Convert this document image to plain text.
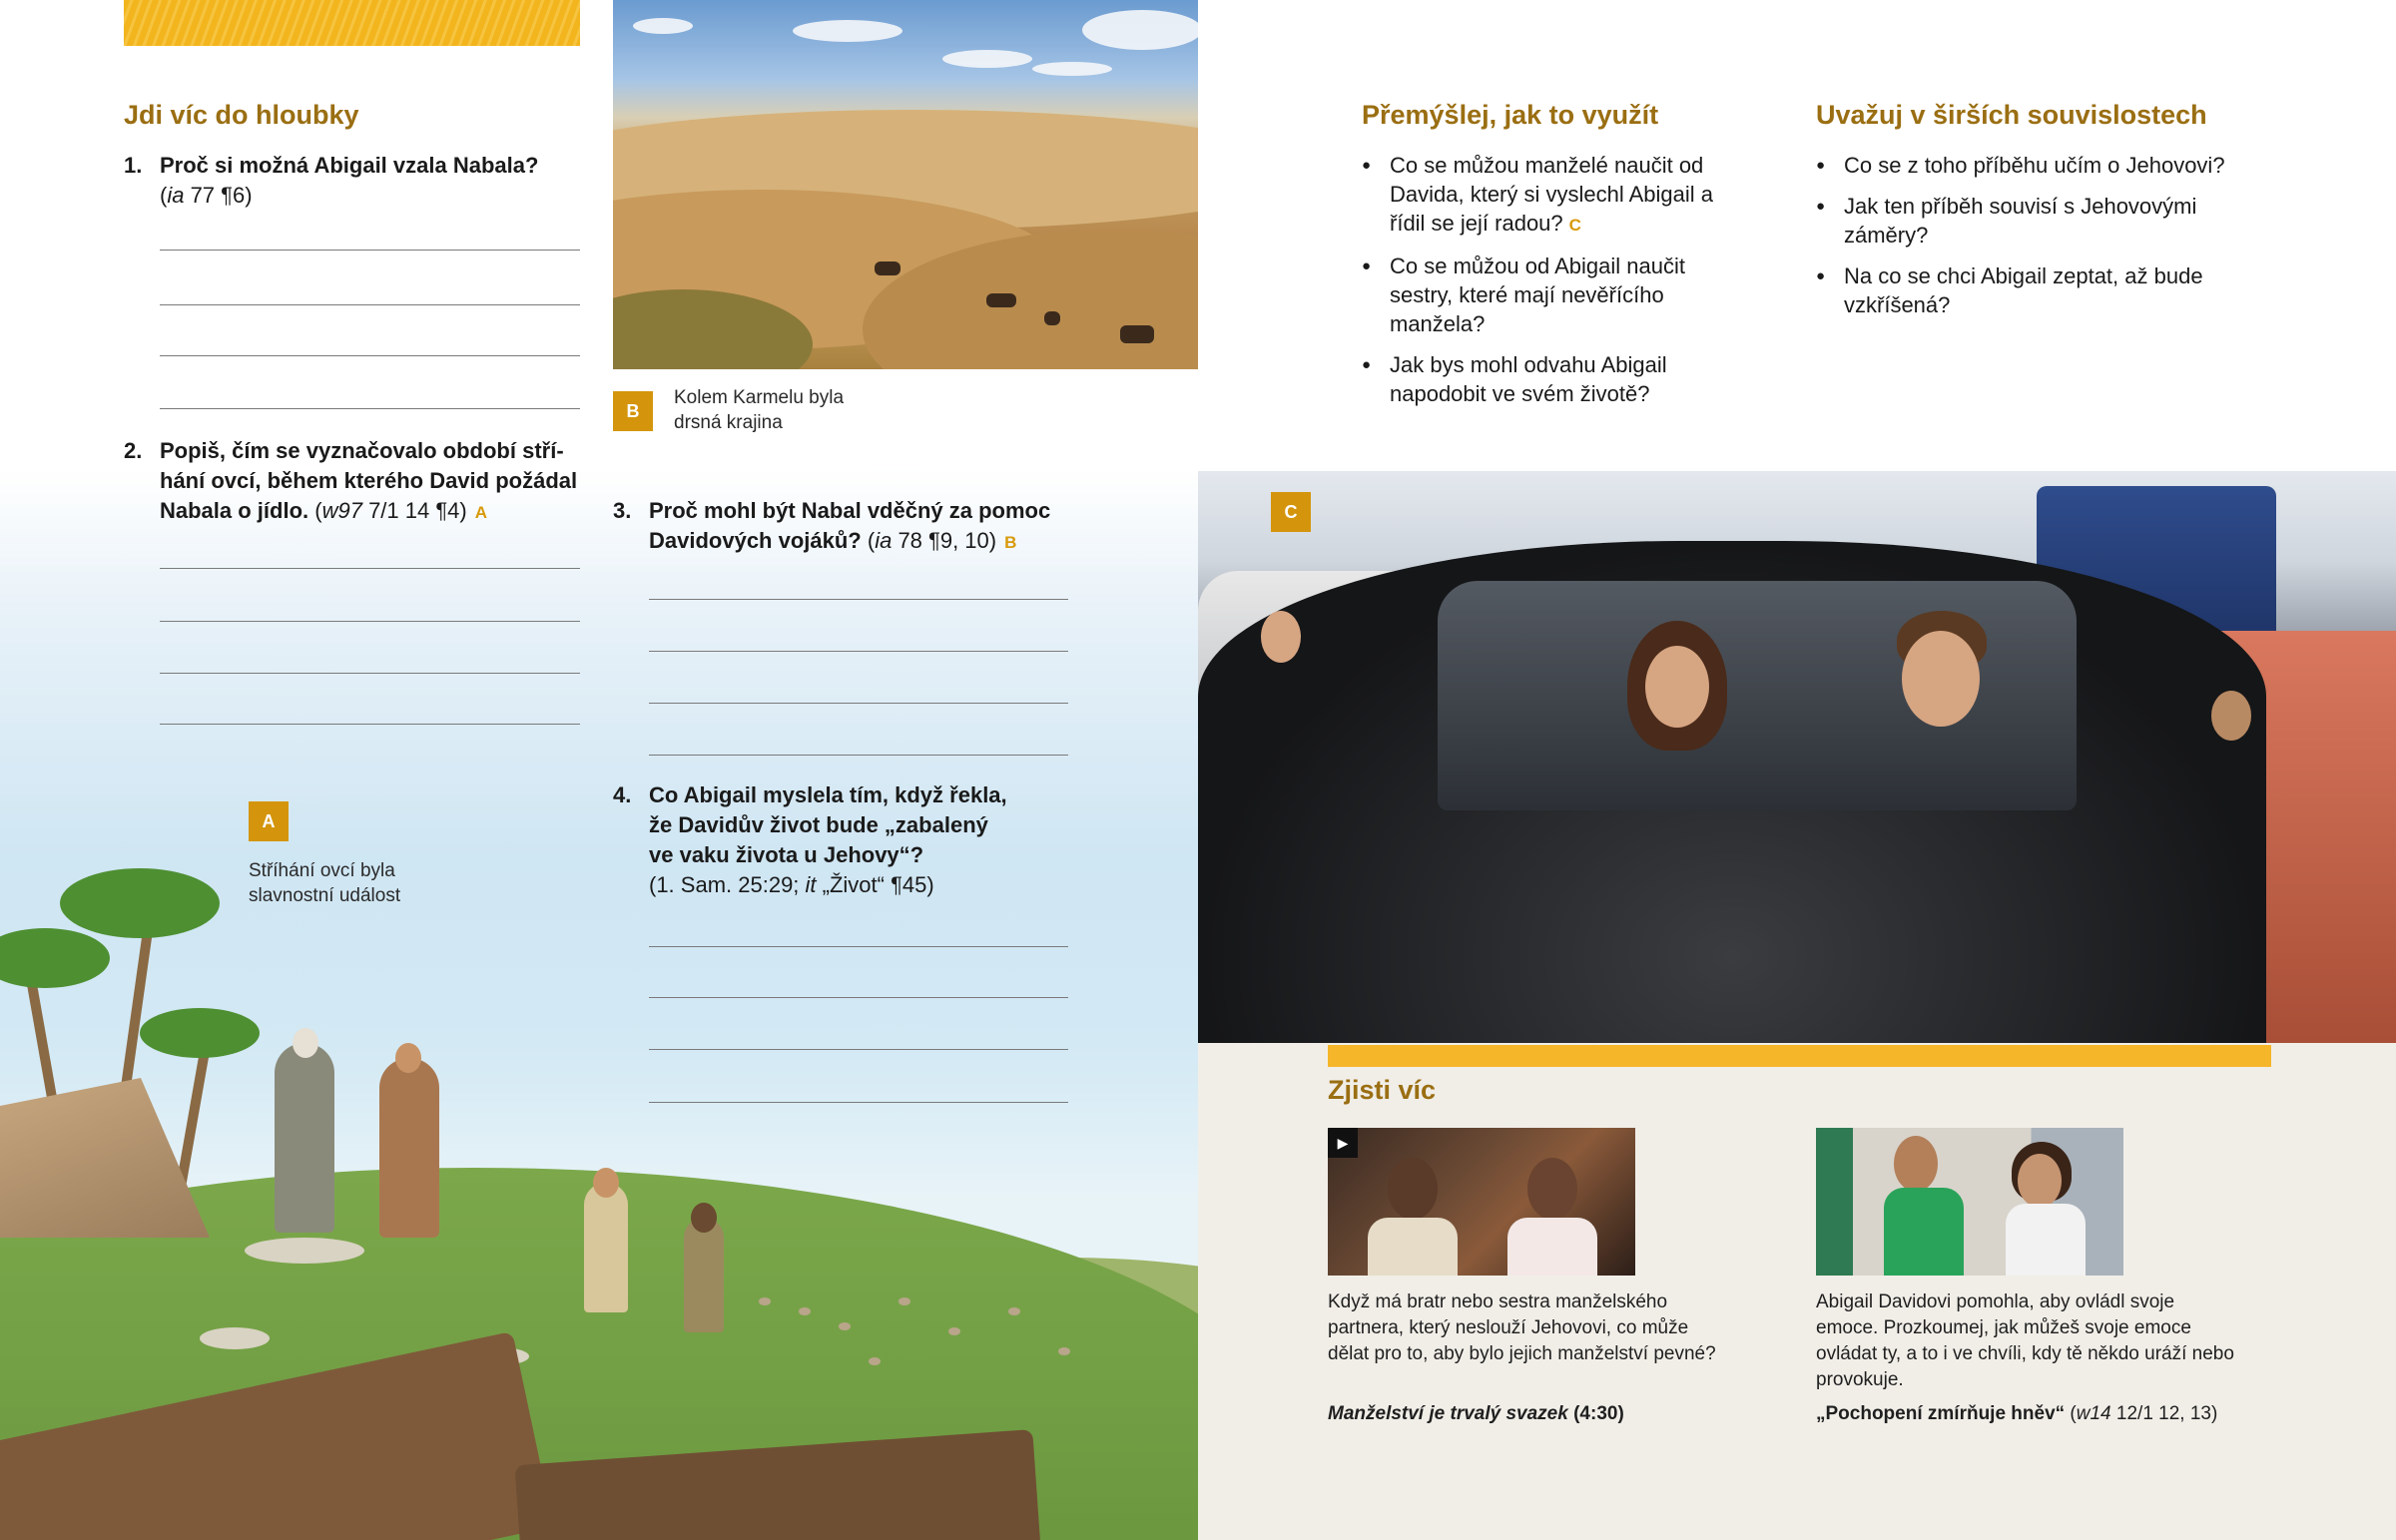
B
Kolem Karmelu byla
drsná krajina
Jdi víc do hloubky
1. Proč si možná Abigail vzala Nabala?
(ia 77 ¶6)
2. Popiš, čím se vyznačovalo období stří-
hání ovcí, během kterého David požádal
Nabala o jídlo. (w97 7/1 14 ¶4) A	3. Proč mohl být Nabal vděčný za pomoc
Davidových vojáků? (ia 78 ¶9, 10) B
4. Co Abigail myslela tím, když řekla,
že Davidův život bude „zabalený
ve vaku života u Jehovy“?
(1. Sam. 25:29; it „Život“ ¶45)
A
Stříhání ovcí byla
slavnostní událost
Přemýšlej, jak to využít
● Co se můžou manželé naučit od Davida, který si vyslechl Abigail a řídil se její radou? C
● Co se můžou od Abigail naučit sestry, které mají nevěřícího manžela?
● Jak bys mohl odvahu Abigail napodobit ve svém životě?
Uvažuj v širších souvislostech
● Co se z toho příběhu učím o Jehovovi?
● Jak ten příběh souvisí s Jehovovými záměry?
● Na co se chci Abigail zeptat, až bude vzkříšená?
C
Zjisti víc
▶
Když má bratr nebo sestra manželského partnera, který neslouží Jehovovi, co může dělat pro to, aby bylo jejich manželství pevné?
Manželství je trvalý svazek (4:30)
Abigail Davidovi pomohla, aby ovládl svoje emoce. Prozkoumej, jak můžeš svoje emoce ovládat ty, a to i ve chvíli, kdy tě někdo uráží nebo provokuje.
„Pochopení zmírňuje hněv“ (w14 12/1 12, 13)
